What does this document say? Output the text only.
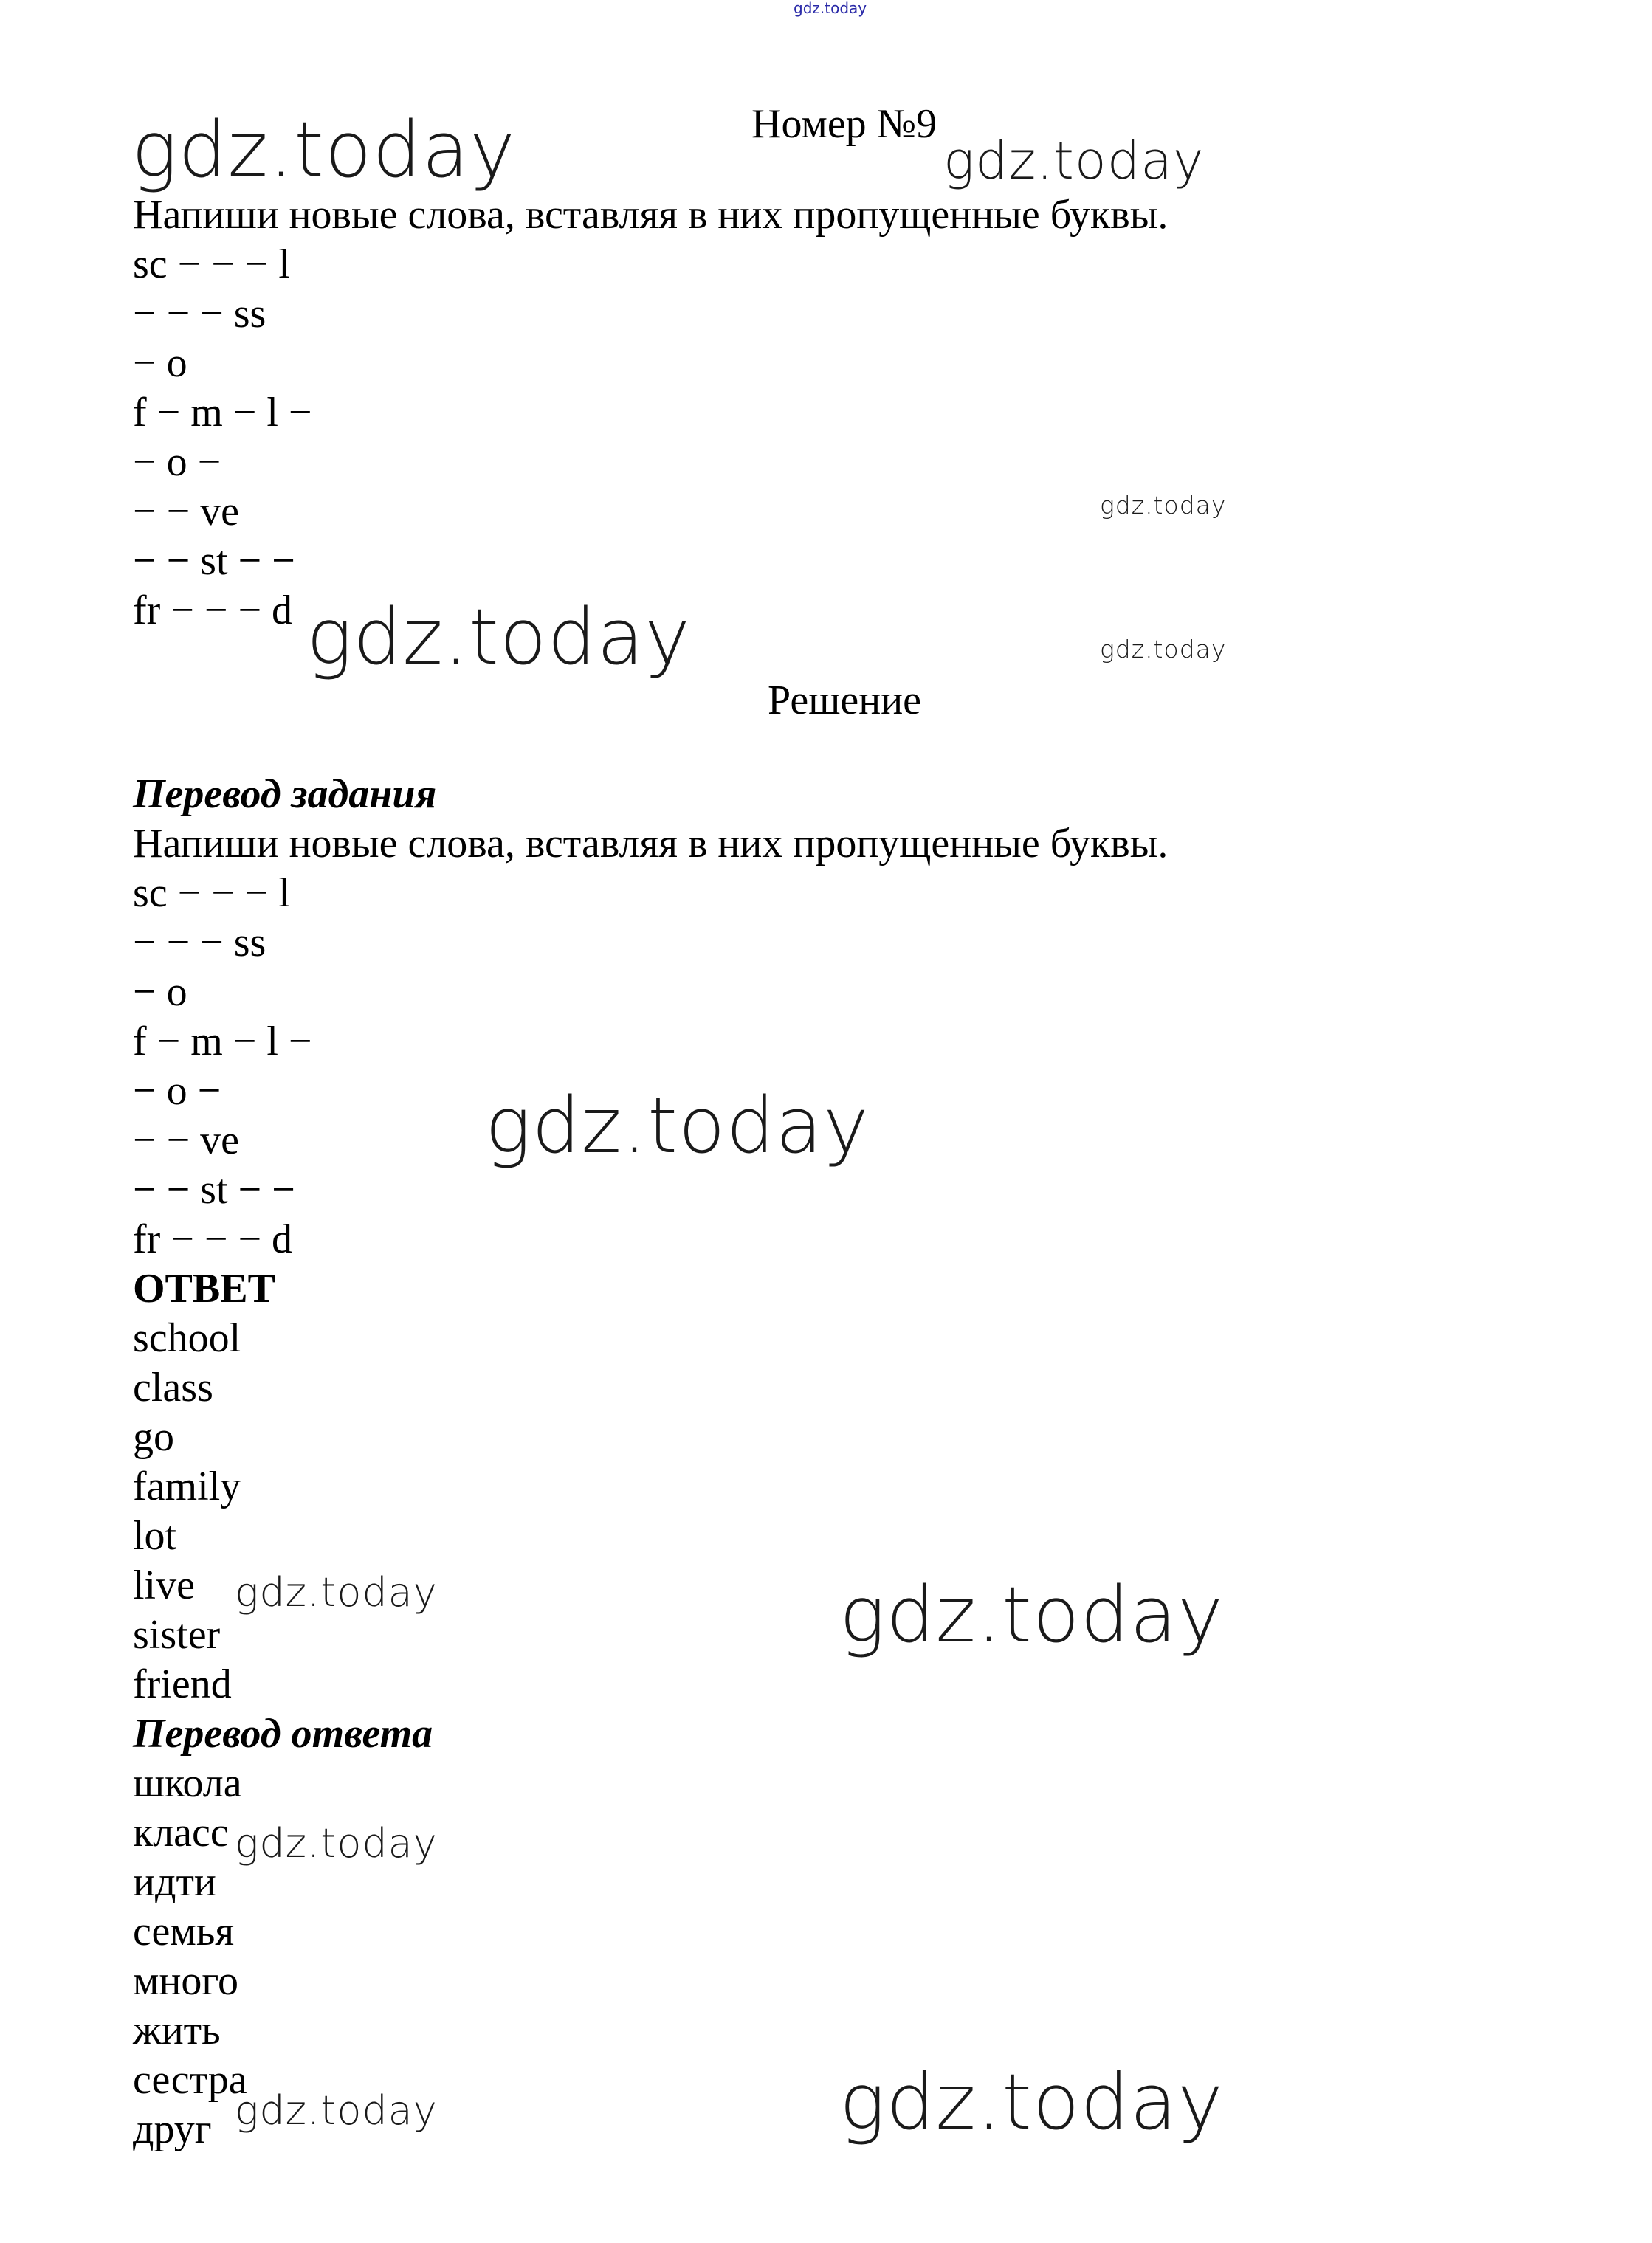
gdz.today
gdz.today	Номер №9
gdz.today
Напиши новые слова, вставляя в них пропущенные буквы.
sc − − − l
− − − ss
− o
f − m − l −
− o −
− − ve	gdz.today
− − st − −
fr − − − d gdz.today	gdz.today
Решение
Перевод задания
Напиши новые слова, вставляя в них пропущенные буквы.
sc − − − l
− − − ss
− o
f − m − l −
− o −	gdz.today
− − ve
− − st − −
fr − − − d
ОТВЕТ
school
class
go
family
lot
live gdz.today	gdz.today
sister
friend
Перевод ответа
школа
класс gdz.today
идти
семья
много
жить
сестра	gdz.today
друг gdz.today
